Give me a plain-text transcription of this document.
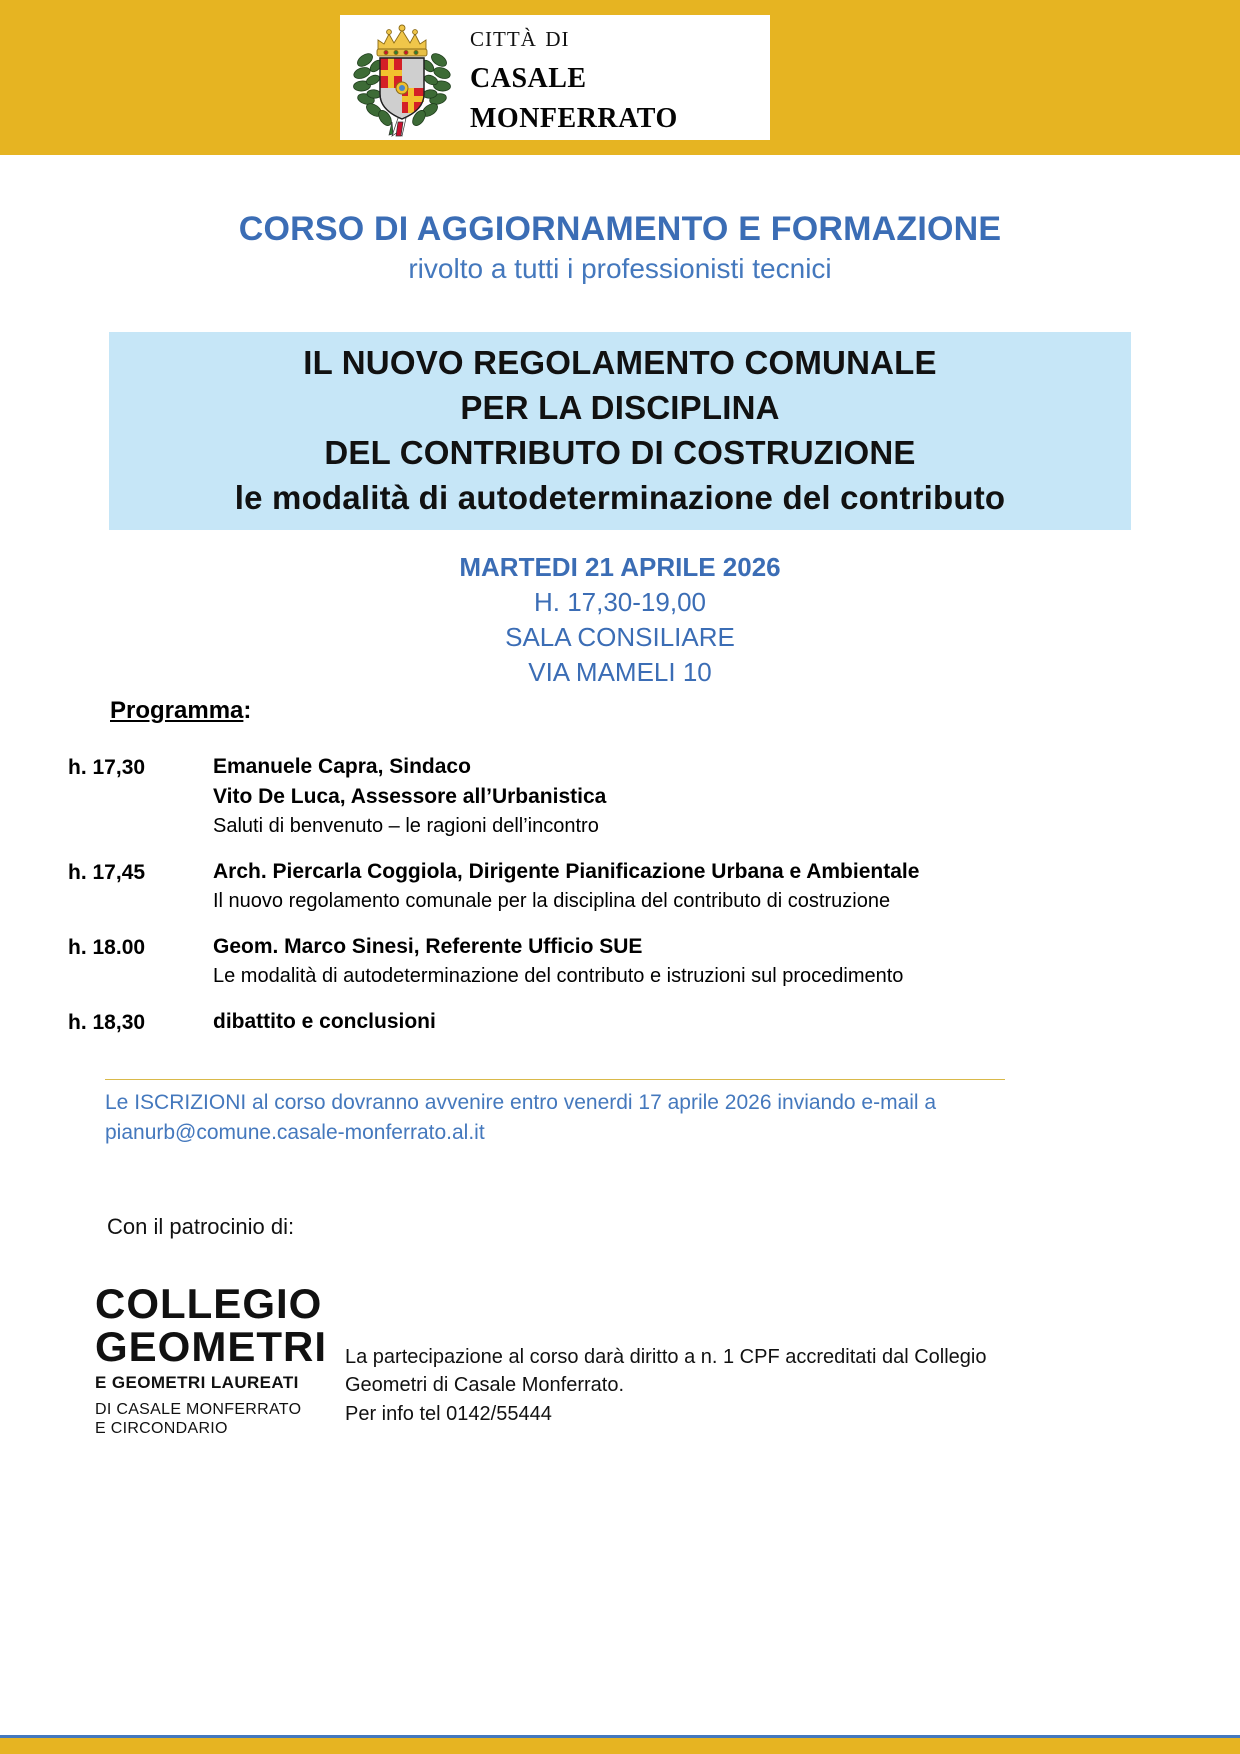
città di
casale monferrato
CORSO DI AGGIORNAMENTO E FORMAZIONE
rivolto a tutti i professionisti tecnici
IL NUOVO REGOLAMENTO COMUNALE
PER LA DISCIPLINA
DEL CONTRIBUTO DI COSTRUZIONE
le modalità di autodeterminazione del contributo
MARTEDI 21 APRILE 2026
H. 17,30-19,00
SALA CONSILIARE
VIA MAMELI 10
Programma:
h. 17,30	Emanuele Capra, Sindaco
Vito De Luca, Assessore all’Urbanistica
Saluti di benvenuto – le ragioni dell’incontro
h. 17,45	Arch. Piercarla Coggiola, Dirigente Pianificazione Urbana e Ambientale
Il nuovo regolamento comunale per la disciplina del contributo di costruzione
h. 18.00	Geom. Marco Sinesi, Referente Ufficio SUE
Le modalità di autodeterminazione del contributo e istruzioni sul procedimento
h. 18,30	dibattito e conclusioni
Le ISCRIZIONI al corso dovranno avvenire entro venerdi 17 aprile 2026 inviando e-mail a
pianurb@comune.casale-monferrato.al.it
Con il patrocinio di:
COLLEGIO
GEOMETRI
E GEOMETRI LAUREATI
DI CASALE MONFERRATO
E CIRCONDARIO
La partecipazione al corso darà diritto a n. 1 CPF accreditati dal Collegio
Geometri di Casale Monferrato.
Per info tel 0142/55444
